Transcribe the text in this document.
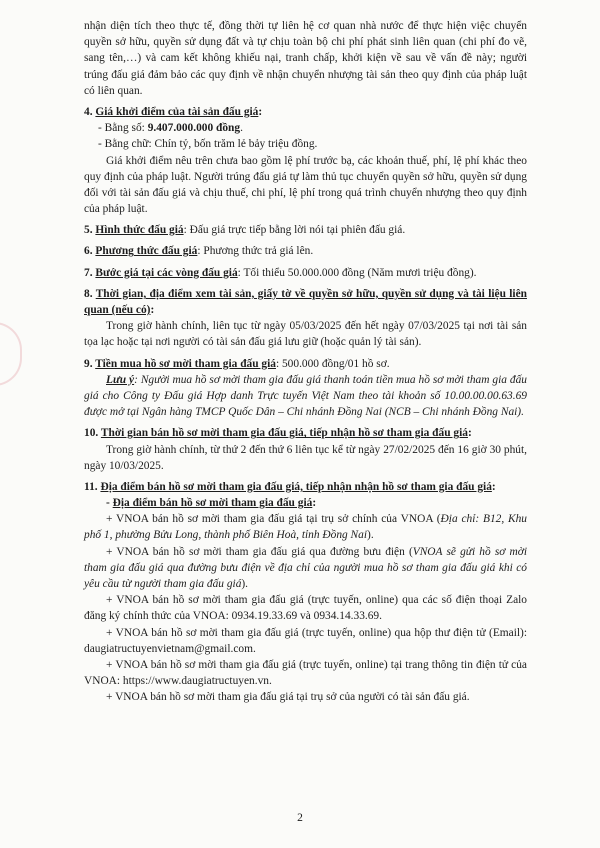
nhận diện tích theo thực tế, đồng thời tự liên hệ cơ quan nhà nước để thực hiện việc chuyển quyền sở hữu, quyền sử dụng đất và tự chịu toàn bộ chi phí phát sinh liên quan (chi phí đo vẽ, sang tên,…) và cam kết không khiếu nại, tranh chấp, khởi kiện về sau về vấn đề này; người trúng đấu giá đảm bảo các quy định về nhận chuyển nhượng tài sản theo quy định của pháp luật có liên quan.

4. Giá khởi điểm của tài sản đấu giá:

- Bằng số: 9.407.000.000 đồng.

- Bằng chữ: Chín tỷ, bốn trăm lẻ bảy triệu đồng.

Giá khởi điểm nêu trên chưa bao gồm lệ phí trước bạ, các khoản thuế, phí, lệ phí khác theo quy định của pháp luật. Người trúng đấu giá tự làm thủ tục chuyển quyền sở hữu, quyền sử dụng đối với tài sản đấu giá và chịu thuế, chi phí, lệ phí trong quá trình chuyển nhượng theo quy định của pháp luật.

5. Hình thức đấu giá: Đấu giá trực tiếp bằng lời nói tại phiên đấu giá.

6. Phương thức đấu giá: Phương thức trả giá lên.

7. Bước giá tại các vòng đấu giá: Tối thiểu 50.000.000 đồng (Năm mươi triệu đồng).

8. Thời gian, địa điểm xem tài sản, giấy tờ về quyền sở hữu, quyền sử dụng và tài liệu liên quan (nếu có):

Trong giờ hành chính, liên tục từ ngày 05/03/2025 đến hết ngày 07/03/2025 tại nơi tài sản tọa lạc hoặc tại nơi người có tài sản đấu giá lưu giữ (hoặc quản lý tài sản).

9. Tiền mua hồ sơ mời tham gia đấu giá: 500.000 đồng/01 hồ sơ.

Lưu ý: Người mua hồ sơ mời tham gia đấu giá thanh toán tiền mua hồ sơ mời tham gia đấu giá cho Công ty Đấu giá Hợp danh Trực tuyến Việt Nam theo tài khoản số 10.00.00.00.63.69 được mở tại Ngân hàng TMCP Quốc Dân – Chi nhánh Đồng Nai (NCB – Chi nhánh Đồng Nai).

10. Thời gian bán hồ sơ mời tham gia đấu giá, tiếp nhận hồ sơ tham gia đấu giá:

Trong giờ hành chính, từ thứ 2 đến thứ 6 liên tục kể từ ngày 27/02/2025 đến 16 giờ 30 phút, ngày 10/03/2025.

11. Địa điểm bán hồ sơ mời tham gia đấu giá, tiếp nhận nhận hồ sơ tham gia đấu giá:

- Địa điểm bán hồ sơ mời tham gia đấu giá:

+ VNOA bán hồ sơ mời tham gia đấu giá tại trụ sở chính của VNOA (Địa chỉ: B12, Khu phố 1, phường Bửu Long, thành phố Biên Hoà, tỉnh Đồng Nai).

+ VNOA bán hồ sơ mời tham gia đấu giá qua đường bưu điện (VNOA sẽ gửi hồ sơ mời tham gia đấu giá qua đường bưu điện về địa chỉ của người mua hồ sơ tham gia đấu giá khi có yêu cầu từ người tham gia đấu giá).

+ VNOA bán hồ sơ mời tham gia đấu giá (trực tuyến, online) qua các số điện thoại Zalo đăng ký chính thức của VNOA: 0934.19.33.69 và 0934.14.33.69.

+ VNOA bán hồ sơ mời tham gia đấu giá (trực tuyến, online) qua hộp thư điện tử (Email): daugiatructuyenvietnam@gmail.com.

+ VNOA bán hồ sơ mời tham gia đấu giá (trực tuyến, online) tại trang thông tin điện tử của VNOA: https://www.daugiatructuyen.vn.

+ VNOA bán hồ sơ mời tham gia đấu giá tại trụ sở của người có tài sản đấu giá.

2
